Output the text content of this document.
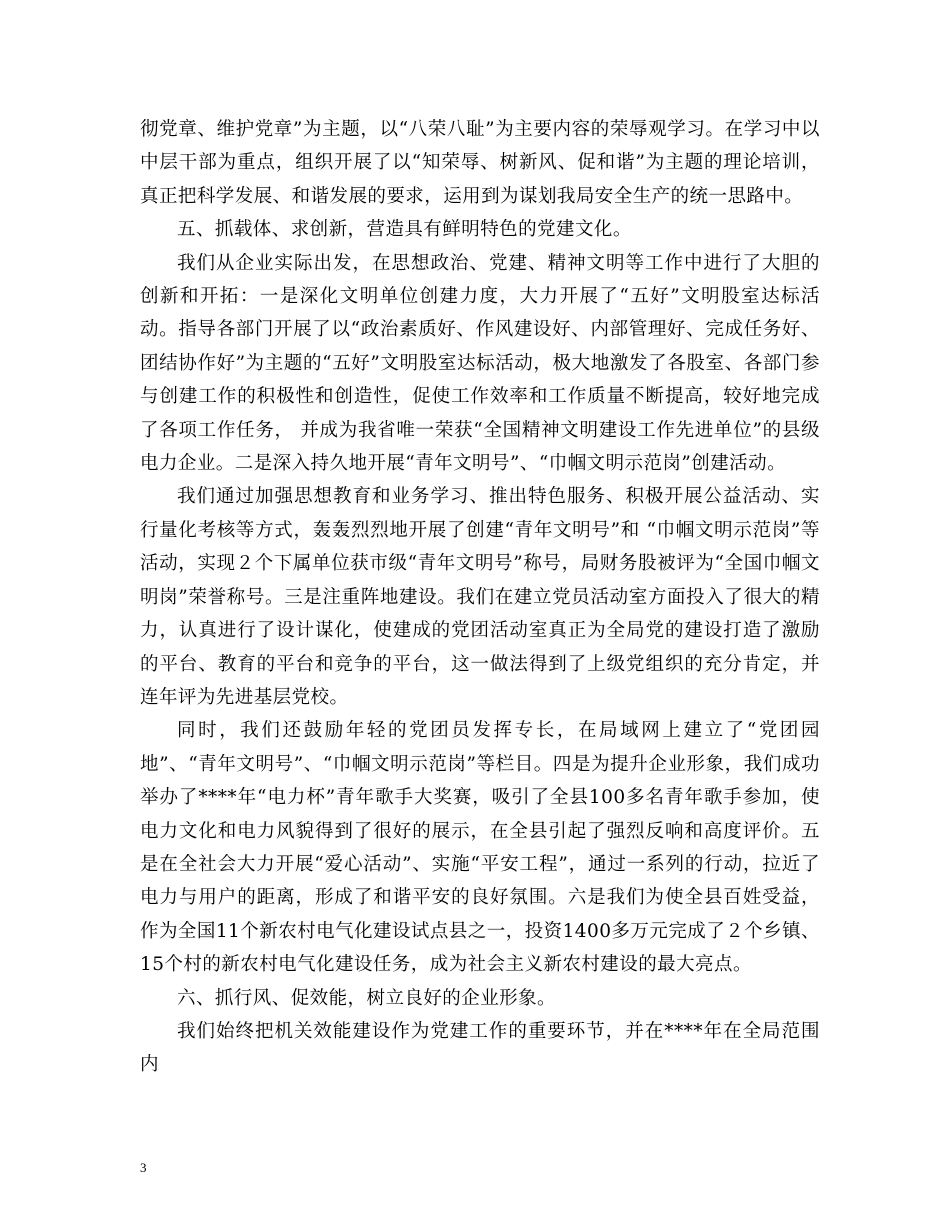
彻党章、维护党章”为主题，以“八荣八耻”为主要内容的荣辱观学习。在学习中以中层干部为重点，组织开展了以“知荣辱、树新风、促和谐”为主题的理论培训，真正把科学发展、和谐发展的要求，运用到为谋划我局安全生产的统一思路中。

五、抓载体、求创新，营造具有鲜明特色的党建文化。

我们从企业实际出发，在思想政治、党建、精神文明等工作中进行了大胆的创新和开拓：一是深化文明单位创建力度，大力开展了“五好”文明股室达标活动。指导各部门开展了以“政治素质好、作风建设好、内部管理好、完成任务好、团结协作好”为主题的“五好”文明股室达标活动，极大地激发了各股室、各部门参与创建工作的积极性和创造性，促使工作效率和工作质量不断提高，较好地完成了各项工作任务， 并成为我省唯一荣获“全国精神文明建设工作先进单位”的县级电力企业。二是深入持久地开展“青年文明号”、“巾帼文明示范岗”创建活动。

我们通过加强思想教育和业务学习、推出特色服务、积极开展公益活动、实行量化考核等方式，轰轰烈烈地开展了创建“青年文明号”和 “巾帼文明示范岗”等活动，实现２个下属单位获市级“青年文明号”称号，局财务股被评为“全国巾帼文明岗”荣誉称号。三是注重阵地建设。我们在建立党员活动室方面投入了很大的精力，认真进行了设计谋化，使建成的党团活动室真正为全局党的建设打造了激励的平台、教育的平台和竞争的平台，这一做法得到了上级党组织的充分肯定，并连年评为先进基层党校。

同时，我们还鼓励年轻的党团员发挥专长，在局域网上建立了“党团园地”、“青年文明号”、“巾帼文明示范岗”等栏目。四是为提升企业形象，我们成功举办了****年“电力杯”青年歌手大奖赛，吸引了全县100多名青年歌手参加，使电力文化和电力风貌得到了很好的展示，在全县引起了强烈反响和高度评价。五是在全社会大力开展“爱心活动”、实施“平安工程”，通过一系列的行动，拉近了电力与用户的距离，形成了和谐平安的良好氛围。六是我们为使全县百姓受益，作为全国11个新农村电气化建设试点县之一，投资1400多万元完成了２个乡镇、15个村的新农村电气化建设任务，成为社会主义新农村建设的最大亮点。

六、抓行风、促效能，树立良好的企业形象。

我们始终把机关效能建设作为党建工作的重要环节，并在****年在全局范围内

3
